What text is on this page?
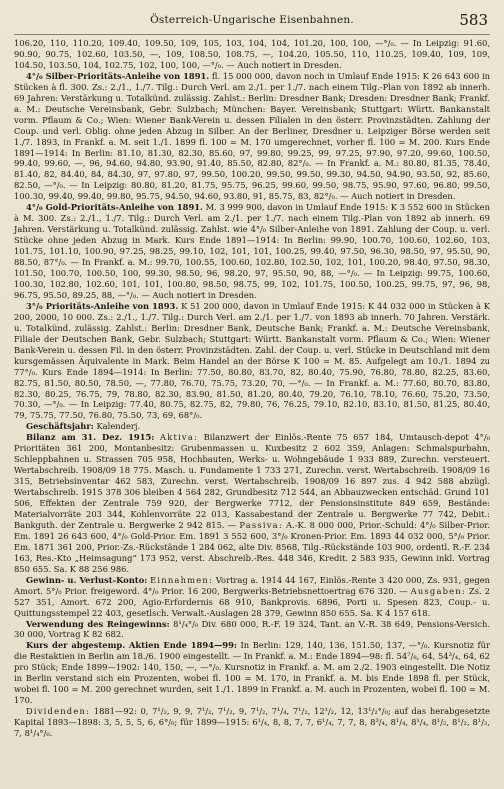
Österreich-Ungarische Eisenbahnen.	583

106.20, 110, 110.20, 109.40, 109.50, 109, 105, 103, 104, 104, 101.20, 100, 100, —°/₀. — In Leipzig: 91.60, 90.90, 90.75, 102.60, 103.50, —, 109, 108.50, 108.75, —, 104.20, 105.50, 110, 110.25, 109.40, 109, 109, 104.50, 103.50, 104, 102.75, 102, 100, 100, —°/₀. — Auch notiert in Dresden.

4°/₀ Silber-Prioritäts-Anleihe von 1891. fl. 15 000 000, davon noch in Umlauf Ende 1915: K 26 643 600 in Stücken à fl. 300. Zs.: 2./1., 1./7. Tilg.: Durch Verl. am 2./1. per 1./7. nach einem Tilg.-Plan von 1892 ab innerh. 69 Jahren: Verstärkung u. Totalkünd. zulässig. Zahlst.: Berlin: Dresdner Bank; Dresden: Dresdner Bank; Frankf. a. M.: Deutsche Vereinsbank, Gebr. Sulzbach; München: Bayer. Vereinsbank; Stuttgart: Württ. Bankanstalt vorm. Pflaum & Co.; Wien: Wiener Bank-Verein u. dessen Filialen in den österr. Provinzstädten. Zahlung der Coup. und verl. Oblig. ohne jeden Abzug in Silber. An der Berliner, Dresdner u. Leipziger Börse werden seit 1./7. 1893, in Frankf. a. M. seit 1./1. 1899 fl. 100 = M. 170 umgerechnet, vorher fl. 100 = M. 200. Kurs Ende 1891—1914: In Berlin: 81.10, 81.30, 82.30, 85.60, 97, 99.80, 99.25, 99, 97.25, 97.90, 97.20, 99.60, 100.50, 99.40, 99.60, —, 96, 94.60, 94.80, 93.90, 91.40, 85.50, 82.80, 82°/₀. — In Frankf. a. M.: 80.80, 81.35, 78.40, 81.40, 82, 84.40, 84, 84.30, 97, 97.80, 97, 99.50, 100.20, 99.50, 99.50, 99.30, 94.50, 94.90, 93.50, 92, 85.60, 82.50, —°/₀. — In Leipzig: 80.80, 81.20, 81.75, 95.75, 96.25, 99.60, 99.50, 98.75, 95.90, 97.60, 96.80, 99.50, 100.30, 99.40, 99.40, 99.80, 95.75, 94.50, 94.60, 93.80, 91, 85.75, 83, 82°/₀. — Auch notiert in Dresden.

4°/₀ Gold-Prioritäts-Anleihe von 1891. M. 3 999 900, davon in Umlauf Ende 1915: K 3 552 600 in Stücken à M. 300. Zs.: 2./1., 1./7. Tilg.: Durch Verl. am 2./1. per 1./7. nach einem Tilg.-Plan von 1892 ab innerh. 69 Jahren. Verstärkung u. Totalkünd. zulässig. Zahlst. wie 4°/₀ Silber-Anleihe von 1891. Zahlung der Coup. u. verl. Stücke ohne jeden Abzug in Mark. Kurs Ende 1891—1914: In Berlin: 99.90, 100.70, 100.60, 102.60, 103, 101.75, 101.10, 100.90, 97.25, 98.25, 99.10, 102, 101, 101, 100.25, 99.40, 97.50, 96.30, 98.50, 97, 95.50, 90, 88.50, 87°/₀. — In Frankf. a. M.: 99.70, 100.55, 100.60, 102.80, 102.50, 102, 101, 100.20, 98.40, 97.50, 98.30, 101.50, 100.70, 100.50, 100, 99.30, 98.50, 96, 98.20, 97, 95.50, 90, 88, —°/₀. — In Leipzig: 99.75, 100.60, 100.30, 102.80, 102.60, 101, 101, 100.80, 98.50, 98.75, 99, 102, 101.75, 100.50, 100.25, 99.75, 97, 96, 98, 96.75, 95.50, 89.25, 88, —°/₀. — Auch notiert in Dresden.

3°/₀ Prioritäts-Anleihe von 1893. K 51 200 000, davon in Umlauf Ende 1915: K 44 032 000 in Stücken à K 200, 2000, 10 000. Zs.: 2./1., 1./7. Tilg.: Durch Verl. am 2./1. per 1./7. von 1893 ab innerh. 70 Jahren. Verstärk. u. Totalkünd. zulässig. Zahlst.: Berlin: Dresdner Bank, Deutsche Bank; Frankf. a. M.: Deutsche Vereinsbank, Filiale der Deutschen Bank, Gebr. Sulzbach; Stuttgart: Württ. Bankanstalt vorm. Pflaum & Co.; Wien: Wiener Bank-Verein u. dessen Fil. in den österr. Provinzstädten. Zahl. der Coup. u. verl. Stücke in Deutschland mit dem kursgemässen Äquivalente in Mark. Beim Handel an der Börse K 100 = M. 85. Aufgelegt am 10./1. 1894 zu 77°/₀. Kurs Ende 1894—1914: In Berlin: 77.50, 80.80, 83.70, 82, 80.40, 75.90, 76.80, 78.80, 82.25, 83.60, 82.75, 81.50, 80.50, 78.50, —, 77.80, 76.70, 75.75, 73.20, 70, —°/₀. — In Frankf. a. M.: 77.60, 80.70, 83.80, 82.30, 80.25, 76.75, 79, 78.80, 82.30, 83.90, 81.50, 81.20, 80.40, 79.20, 76.10, 78.10, 76.60, 75.20, 73.50, 70.30, —°/₀. — In Leipzig: 77.40, 80.75, 82.75, 82, 79.80, 76, 76.25, 79.10, 82.10, 83.10, 81.50, 81.25, 80.40, 79, 75.75, 77.50, 76.80, 75.50, 73, 69, 68°/₀.

Geschäftsjahr: Kalenderj.

Bilanz am 31. Dez. 1915: Aktiva: Bilanzwert der Einlös.-Rente 75 657 184, Umtausch-depot 4°/₀ Prioritäten 361 200, Montanbesitz: Grubenmassen u. Kuxbesitz 2 602 359, Anlagen: Schmalspurbahn, Schleppbahnen u. Strassen 705 958, Hochbauten, Werks- u. Wohngebäude 1 933 889, Zurechn. versteuert. Wertabschreib. 1908/09 18 775. Masch. u. Fundamente 1 733 271, Zurechn. verst. Wertabschreib. 1908/09 16 315, Betriebsinventar 462 583, Zurechn. verst. Wertabschreib. 1908/09 16 897 zus. 4 942 588 abzügl. Wertabschreib. 1915 378 306 bleiben 4 564 282, Grundbesitz 712 544, an Abbauzwecken entschäd. Grund 101 506, Effekten der Zentrale 759 920, der Bergwerke 7712, der Pensionsinstitute 849 659, Bestände: Materialvorräte 203 344, Kohlenvorräte 22 013, Kassabestand der Zentrale u. Bergwerke 77 742, Debit.: Bankguth. der Zentrale u. Bergwerke 2 942 815. — Passiva: A.-K. 8 000 000, Prior.-Schuld: 4°/₀ Silber-Prior. Em. 1891 26 643 600, 4°/₀ Gold-Prior. Em. 1891 3 552 600, 3°/₀ Kronen-Prior. Em. 1893 44 032 000, 5°/₀ Prior. Em. 1871 361 200, Prior.-Zs.-Rückstände 1 284 062, alte Div. 8568, Tilg.-Rückstände 103 900, ordentl. R.-F. 234 163, Res.-Kto „Heimsagung“ 173 952, verst. Abschreib.-Res. 448 346, Kredit. 2 583 935, Gewinn inkl. Vortrag 850 655. Sa. K 88 256 986.

Gewinn- u. Verlust-Konto: Einnahmen: Vortrag a. 1914 44 167, Einlös.-Rente 3 420 000, Zs. 931, gegen Amort. 5°/₀ Prior. freigeword. 4°/₀ Prior. 16 200, Bergwerks-Betriebsnettoertrag 676 320. — Ausgaben: Zs. 2 527 351, Amort. 672 200, Agio-Erfordernis 68 910, Bankprovis. 6896, Porti u. Spesen 823, Coup.- u. Quittungsstempel 22 403, gesetlsch. Verwalt.-Auslagen 28 379, Gewinn 850 655. Sa. K 4 157 618.

Verwendung des Reingewinns: 8¹/₄°/₀ Div. 680 000, R.-F. 19 324, Tant. an V.-R. 38 649, Pensions-Versich. 30 000, Vortrag K 82 682.

Kurs der abgestemp. Aktien Ende 1894—99: In Berlin: 129, 140, 136, 151.50, 137, —°/₀. Kursnotiz für die Restaktien in Berlin am 18./6. 1900 eingestellt. — In Frankf. a. M.: Ende 1894—98: fl. 54⁷/₈, 64, 54³/₄, 64, 62 pro Stück; Ende 1899—1902: 140, 150, —, —°/₀. Kursnotiz in Frankf. a. M. am 2./2. 1903 eingestellt. Die Notiz in Berlin verstand sich ein Prozenten, wobei fl. 100 = M. 170, in Frankf. a. M. bis Ende 1898 fl. per Stück, wobei fl. 100 = M. 200 gerechnet wurden, seit 1./1. 1899 in Frankf. a. M. auch in Prozenten, wobei fl. 100 = M. 170.

Dividenden: 1881—92: 0, 7¹/₂, 9, 9, 7¹/₂, 7¹/₂, 9, 7¹/₂, 7¹/₄, 7¹/₂, 12¹/₂, 12, 13¹/₂°/₀; auf das herabgesetzte Kapital 1893—1898: 3, 5, 5, 5, 6, 6°/₀; für 1899—1915: 6¹/₄, 8, 8, 7, 7, 6¹/₄, 7, 7, 8, 8³/₄, 8¹/₄, 8¹/₄, 8¹/₂, 8¹/₂, 8¹/₂, 7, 8¹/₄°/₀.
